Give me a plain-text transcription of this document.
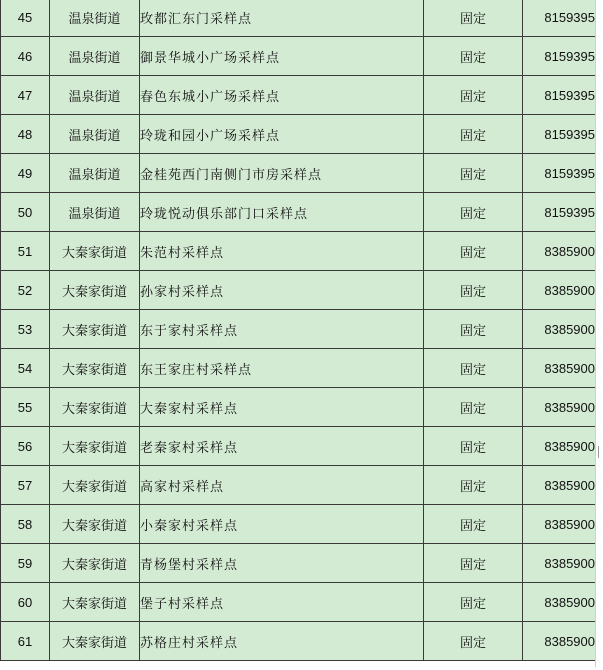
45	温泉街道	玫都汇东门采样点	固定	8159395
46	温泉街道	御景华城小广场采样点	固定	8159395
47	温泉街道	春色东城小广场采样点	固定	8159395
48	温泉街道	玲珑和园小广场采样点	固定	8159395
49	温泉街道	金桂苑西门南侧门市房采样点	固定	8159395
50	温泉街道	玲珑悦动俱乐部门口采样点	固定	8159395
51	大秦家街道	朱范村采样点	固定	8385900
52	大秦家街道	孙家村采样点	固定	8385900
53	大秦家街道	东于家村采样点	固定	8385900
54	大秦家街道	东王家庄村采样点	固定	8385900
55	大秦家街道	大秦家村采样点	固定	8385900
56	大秦家街道	老秦家村采样点	固定	8385900
57	大秦家街道	高家村采样点	固定	8385900
58	大秦家街道	小秦家村采样点	固定	8385900
59	大秦家街道	青杨堡村采样点	固定	8385900
60	大秦家街道	堡子村采样点	固定	8385900
61	大秦家街道	苏格庄村采样点	固定	8385900
